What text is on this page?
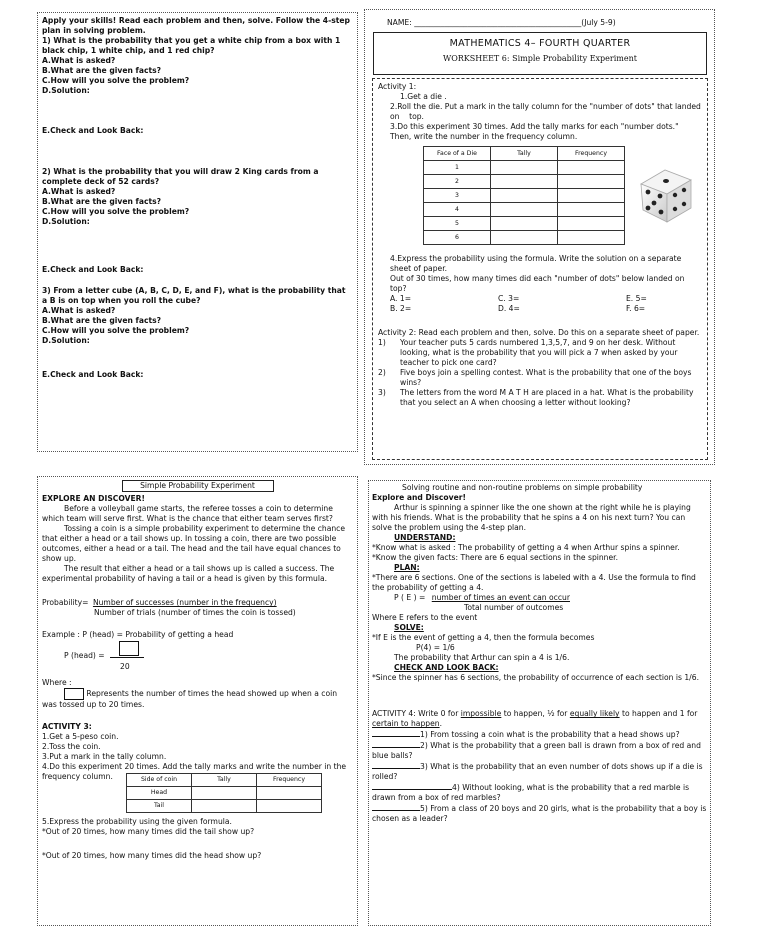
Apply your skills! Read each problem and then, solve. Follow the 4-step plan in solving problem.

1) What is the probability that you get a white chip from a box with 1 black chip, 1 white chip, and 1 red chip?

A.What is asked?

B.What are the given facts?

C.How will you solve the problem?

D.Solution:

E.Check and Look Back:

2) What is the probability that you will draw 2 King cards from a complete deck of 52 cards?

A.What is asked?

B.What are the given facts?

C.How will you solve the problem?

D.Solution:

E.Check and Look Back:

3) From a letter cube (A, B, C, D, E, and F), what is the probability that a B is on top when you roll the cube?

A.What is asked?

B.What are the given facts?

C.How will you solve the problem?

D.Solution:

E.Check and Look Back:

NAME: ____________________________________________(July 5-9)

MATHEMATICS 4– FOURTH QUARTER
WORKSHEET 6: Simple Probability Experiment

Activity 1:

1.Get a die .

2.Roll the die. Put a mark in the tally column for the "number of dots" that landed on    top.

3.Do this experiment 30 times. Add the tally marks for each "number dots." Then, write the number in the frequency column.

Face of a Die	Tally	Frequency
1		
2		
3		
4		
5		
6		

4.Express the probability using the formula. Write the solution on a separate sheet of paper.

Out of 30 times, how many times did each "number of dots" below landed on top?

A. 1=	C. 3=	E. 5=
B. 2=	D. 4=	F. 6=

Activity 2: Read each problem and then, solve. Do this on a separate sheet of paper.

1)	Your teacher puts 5 cards numbered 1,3,5,7, and 9 on her desk. Without looking, what is the probability that you will pick a 7 when asked by your teacher to pick one card?
2)	Five boys join a spelling contest. What is the probability that one of the boys wins?
3)	The letters from the word M A T H are placed in a hat. What is the probability that you select an A when choosing a letter without looking?
Simple Probability Experiment

EXPLORE AN DISCOVER!

Before a volleyball game starts, the referee tosses a coin to determine which team will serve first. What is the chance that either team serves first?

Tossing a coin is a simple probability experiment to determine the chance that either a head or a tail shows up. In tossing a coin, there are two possible outcomes, either a head or a tail. The head and the tail have equal chances to show up.

The result that either a head or a tail shows up is called a success. The experimental probability of having a tail or a head is given by this formula.

Probability= Number of successes (number in the frequency)
Number of trials (number of times the coin is tossed)

Example : P (head) = Probability of getting a head

P (head) =
20

Where :

Represents the number of times the head showed up when a coin was tossed up to 20 times.

ACTIVITY 3:

1.Get a 5-peso coin.

2.Toss the coin.

3.Put a mark in the tally column.

4.Do this experiment 20 times. Add the tally marks and write the number in the frequency column.	Side of coin	Tally	Frequency
Head		
Tail		

5.Express the probability using the given formula.

*Out of 20 times, how many times did the tail show up?

*Out of 20 times, how many times did the head show up?

Solving routine and non-routine problems on simple probability

Explore and Discover!

Arthur is spinning a spinner like the one shown at the right while he is playing with his friends. What is the probability that he spins a 4 on his next turn? You can solve the problem using the 4-step plan.

UNDERSTAND:

*Know what is asked : The probability of getting a 4 when Arthur spins a spinner.

*Know the given facts: There are 6 equal sections in the spinner.

PLAN:

*There are 6 sections. One of the sections is labeled with a 4. Use the formula to find the probability of getting a 4.

P ( E ) = number of times an event can occur
Total number of outcomes

Where E refers to the event

SOLVE:

*If E is the event of getting a 4, then the formula becomes

P(4) = 1/6

The probability that Arthur can spin a 4 is 1/6.

CHECK AND LOOK BACK:

*Since the spinner has 6 sections, the probability of occurrence of each section is 1/6.

ACTIVITY 4: Write 0 for impossible to happen, ½ for equally likely to happen and 1 for certain to happen.

1) From tossing a coin what is the probability that a head shows up?

2) What is the probability that a green ball is drawn from a box of red and blue balls?

3) What is the probability that an even number of dots shows up if a die is rolled?

4) Without looking, what is the probability that a red marble is drawn from a box of red marbles?

5) From a class of 20 boys and 20 girls, what is the probability that a boy is chosen as a leader?
